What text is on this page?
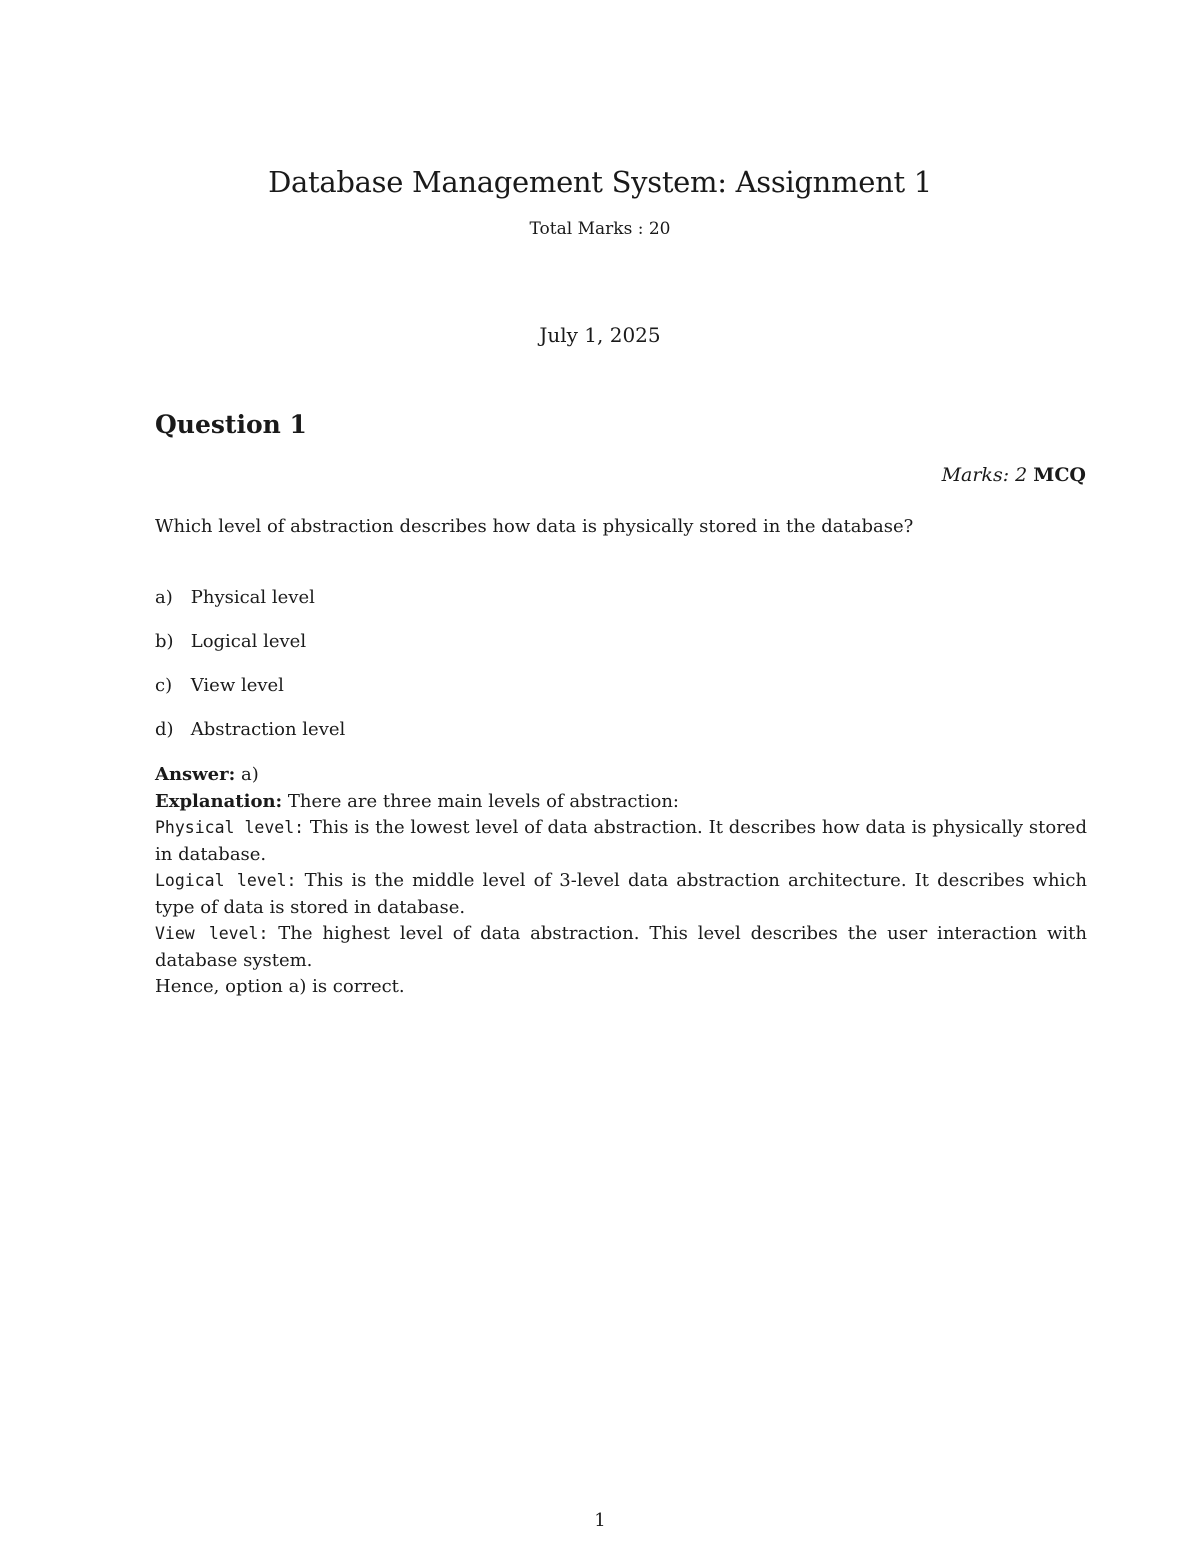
Database Management System: Assignment 1
Total Marks : 20
July 1, 2025
Question 1
Marks: 2 MCQ
Which level of abstraction describes how data is physically stored in the database?
a) Physical level
b) Logical level
c) View level
d) Abstraction level

Answer: a)

Explanation: There are three main levels of abstraction:

Physical level: This is the lowest level of data abstraction. It describes how data is physically stored in database.

Logical level: This is the middle level of 3-level data abstraction architecture. It describes which type of data is stored in database.

View level: The highest level of data abstraction. This level describes the user interaction with database system.

Hence, option a) is correct.

1
